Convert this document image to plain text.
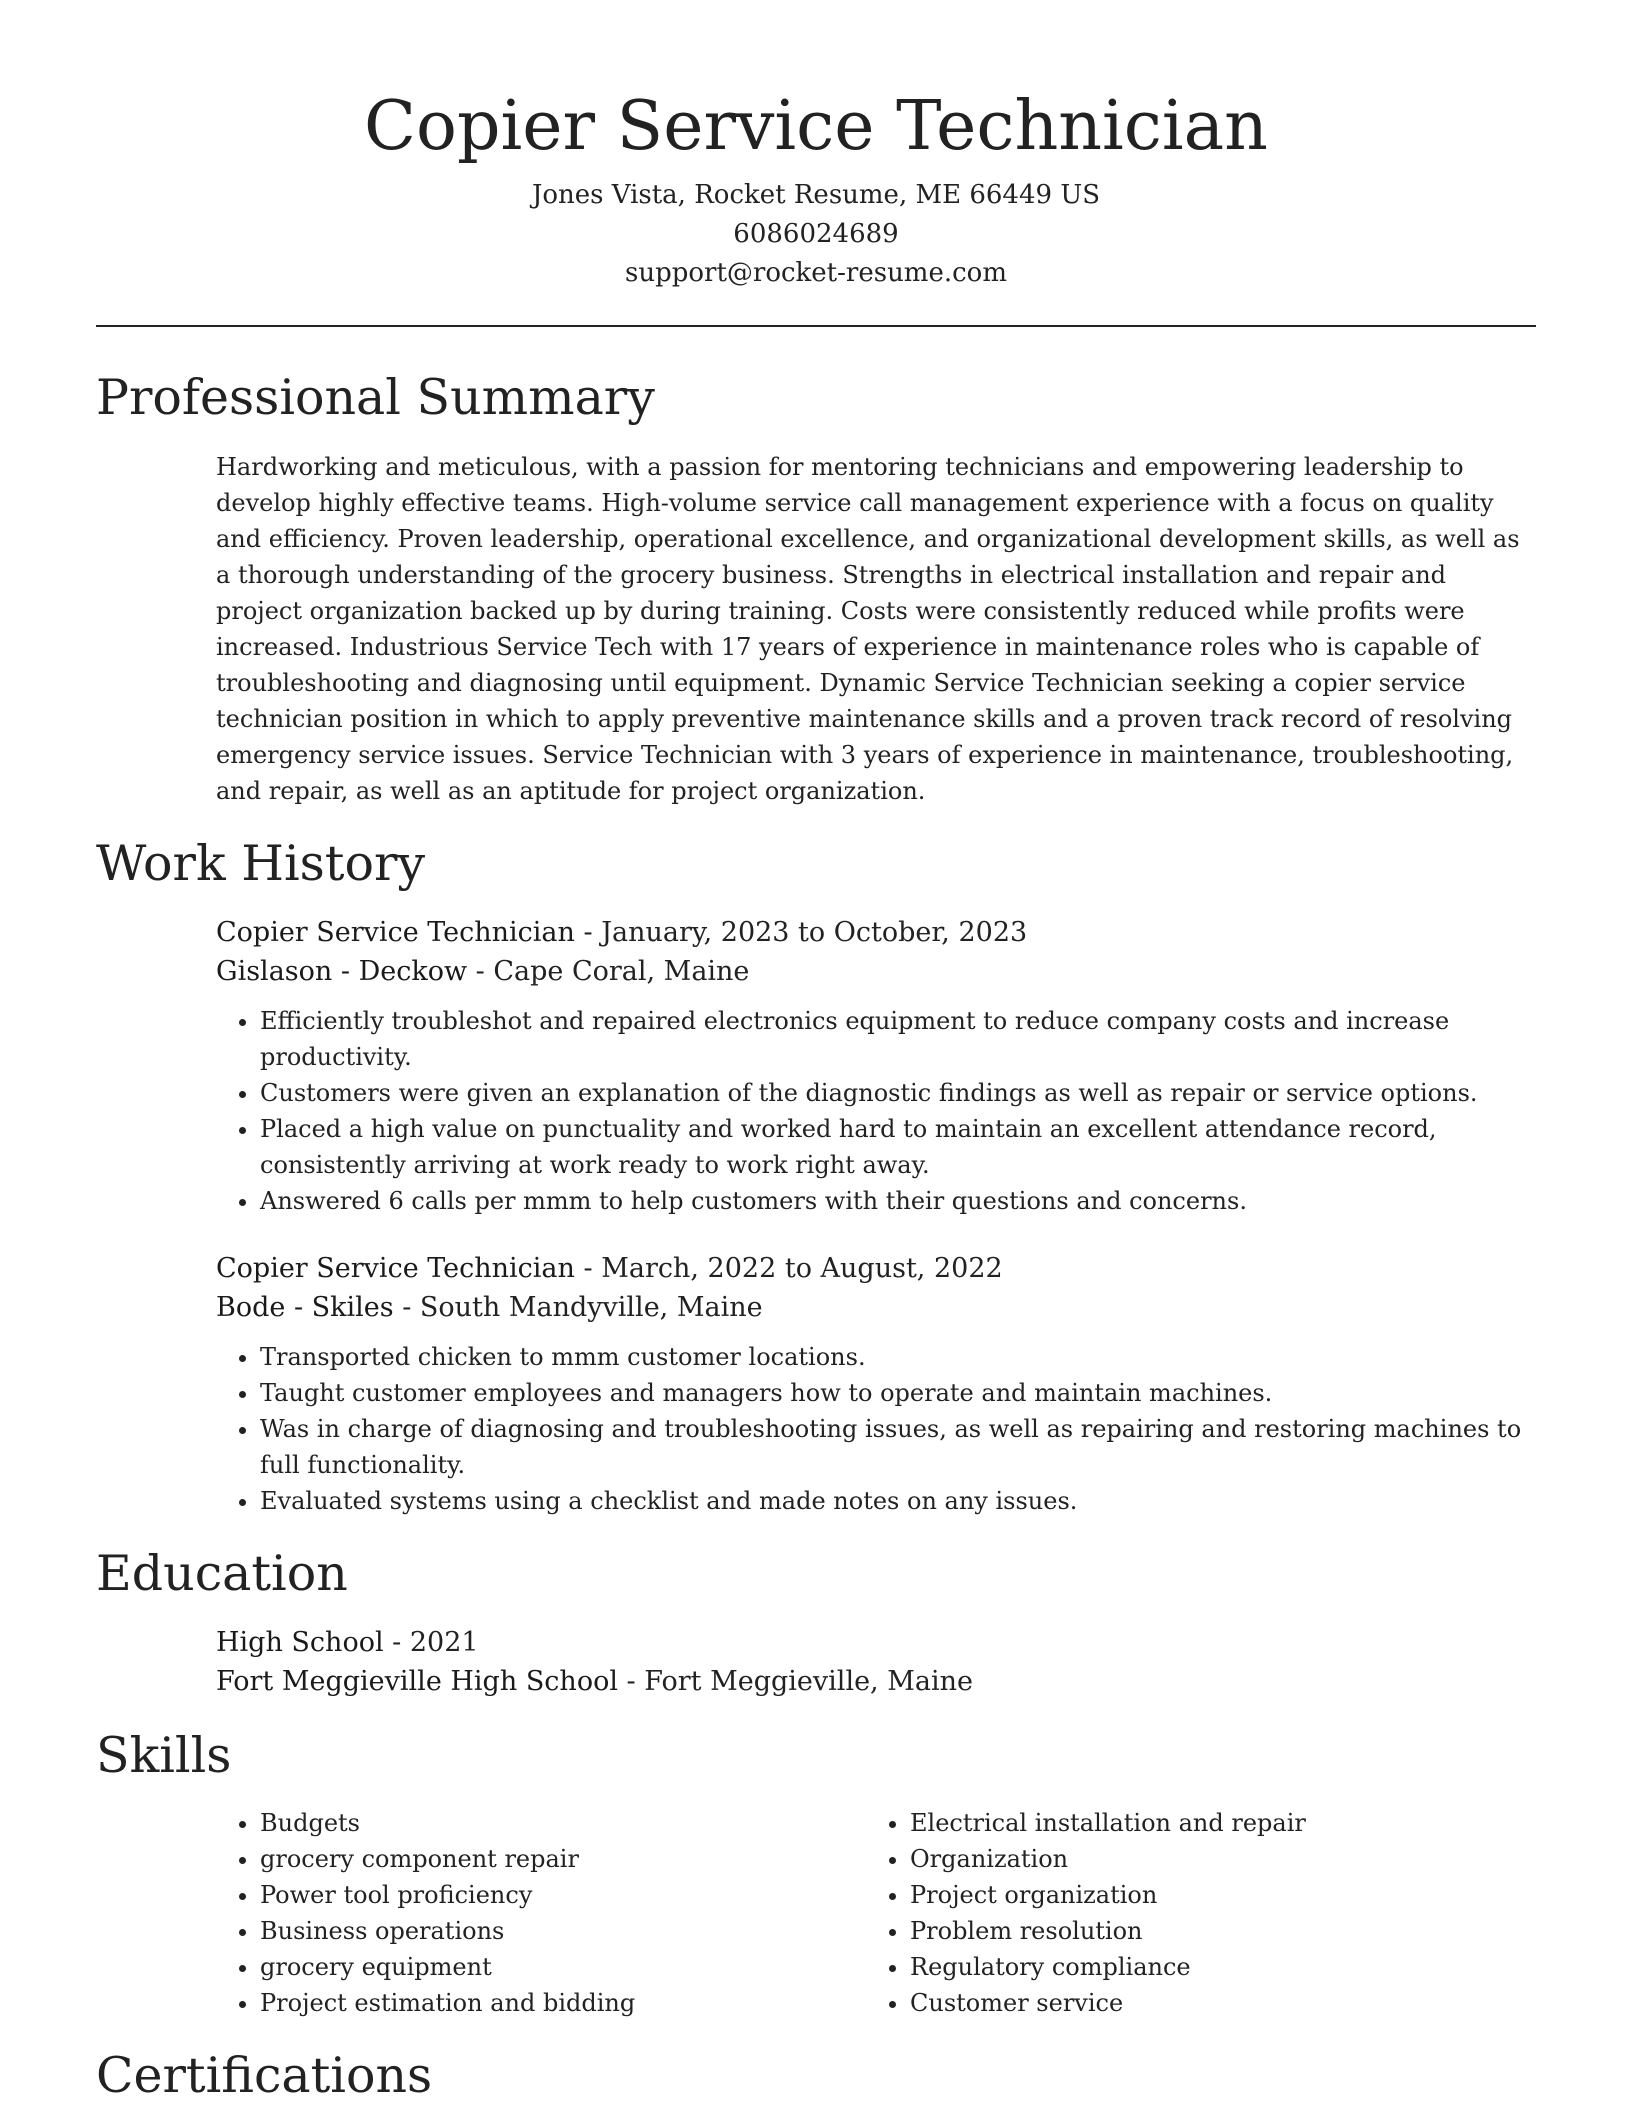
Copier Service Technician
Jones Vista, Rocket Resume, ME 66449 US
6086024689
support@rocket-resume.com
Professional Summary
Hardworking and meticulous, with a passion for mentoring technicians and empowering leadership to develop highly effective teams. High-volume service call management experience with a focus on quality and efficiency. Proven leadership, operational excellence, and organizational development skills, as well as a thorough understanding of the grocery business. Strengths in electrical installation and repair and project organization backed up by during training. Costs were consistently reduced while profits were increased. Industrious Service Tech with 17 years of experience in maintenance roles who is capable of troubleshooting and diagnosing until equipment. Dynamic Service Technician seeking a copier service technician position in which to apply preventive maintenance skills and a proven track record of resolving emergency service issues. Service Technician with 3 years of experience in maintenance, troubleshooting, and repair, as well as an aptitude for project organization.
Work History
Copier Service Technician - January, 2023 to October, 2023
Gislason - Deckow - Cape Coral, Maine
• Efficiently troubleshot and repaired electronics equipment to reduce company costs and increase productivity.
• Customers were given an explanation of the diagnostic findings as well as repair or service options.
• Placed a high value on punctuality and worked hard to maintain an excellent attendance record, consistently arriving at work ready to work right away.
• Answered 6 calls per mmm to help customers with their questions and concerns.
Copier Service Technician - March, 2022 to August, 2022
Bode - Skiles - South Mandyville, Maine
• Transported chicken to mmm customer locations.
• Taught customer employees and managers how to operate and maintain machines.
• Was in charge of diagnosing and troubleshooting issues, as well as repairing and restoring machines to full functionality.
• Evaluated systems using a checklist and made notes on any issues.
Education
High School - 2021
Fort Meggieville High School - Fort Meggieville, Maine
Skills
• Budgets
• grocery component repair
• Power tool proficiency
• Business operations
• grocery equipment
• Project estimation and bidding
• Electrical installation and repair
• Organization
• Project organization
• Problem resolution
• Regulatory compliance
• Customer service
Certifications
